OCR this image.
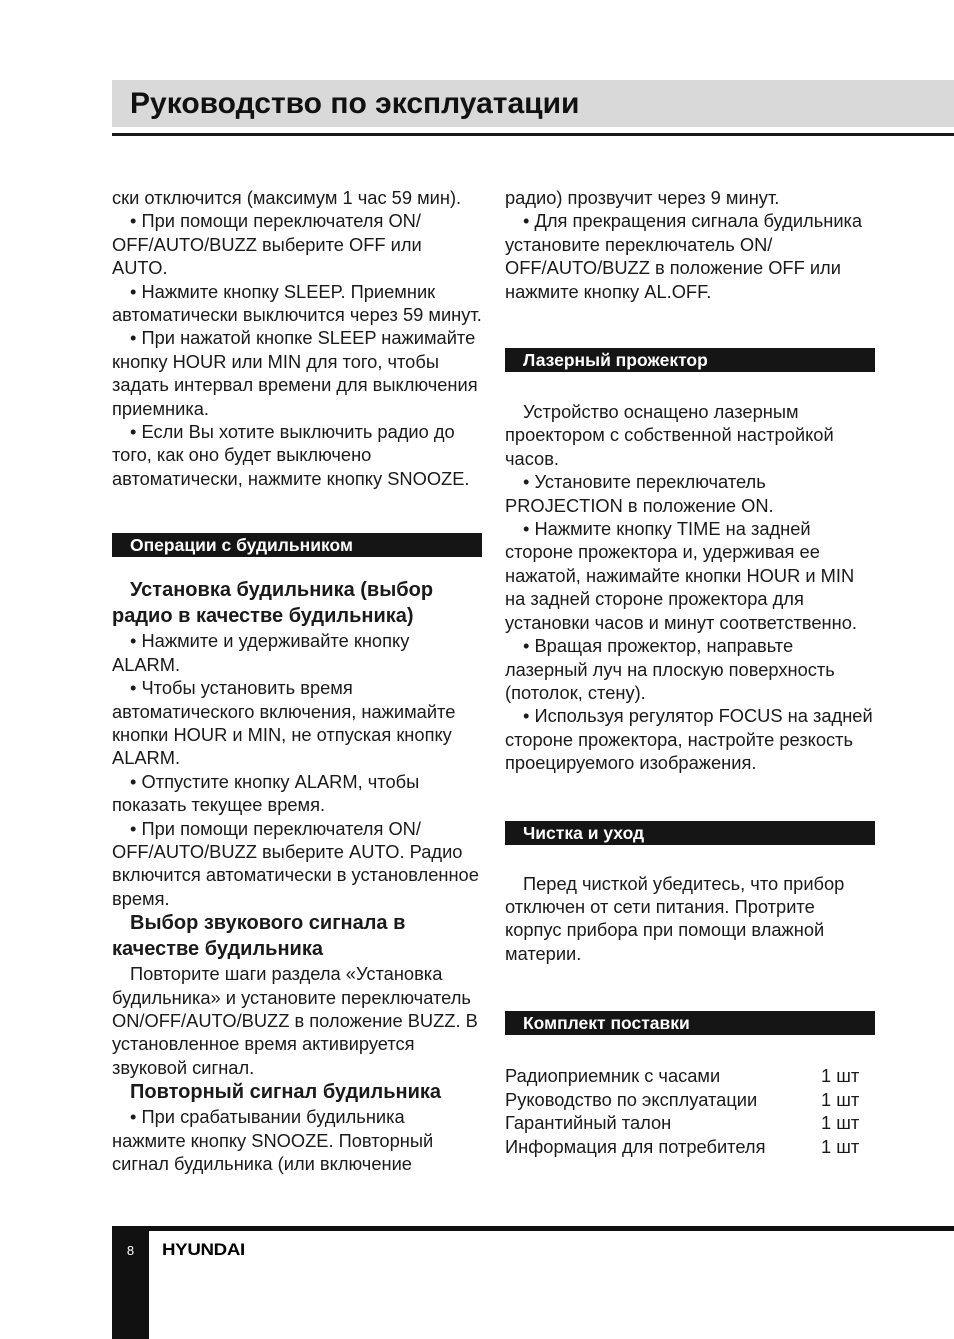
Руководство по эксплуатации

ски отключится (максимум 1 час 59 мин).

• При помощи переключателя ON/ OFF/AUTO/BUZZ выберите OFF или AUTO.

• Нажмите кнопку SLEEP. Приемник автоматически выключится через 59 минут.

• При нажатой кнопке SLEEP нажимайте кнопку HOUR или MIN для того, чтобы задать интервал времени для выключения приемника.

• Если Вы хотите выключить радио до того, как оно будет выключено автоматически, нажмите кнопку SNOOZE.

Операции с будильником

Установка будильника (выбор радио в качестве будильника)

• Нажмите и удерживайте кнопку ALARM.

• Чтобы установить время автоматического включения, нажимайте кнопки HOUR и MIN, не отпуская кнопку ALARM.

• Отпустите кнопку ALARM, чтобы показать текущее время.

• При помощи переключателя ON/ OFF/AUTO/BUZZ выберите AUTO. Радио включится автоматически в установленное время.

Выбор звукового сигнала в качестве будильника

Повторите шаги раздела «Установка будильника» и установите переключатель ON/OFF/AUTO/BUZZ в положение BUZZ. В установленное время активируется звуковой сигнал.

Повторный сигнал будильника

• При срабатывании будильника нажмите кнопку SNOOZE. Повторный сигнал будильника (или включение

радио) прозвучит через 9 минут.

• Для прекращения сигнала будильника установите переключатель ON/ OFF/AUTO/BUZZ в положение OFF или нажмите кнопку AL.OFF.

Лазерный прожектор

Устройство оснащено лазерным проектором с собственной настройкой часов.

• Установите переключатель PROJECTION в положение ON.

• Нажмите кнопку TIME на задней стороне прожектора и, удерживая ее нажатой, нажимайте кнопки HOUR и MIN на задней стороне прожектора для установки часов и минут соответственно.

• Вращая прожектор, направьте лазерный луч на плоскую поверхность (потолок, стену).

• Используя регулятор FOCUS на задней стороне прожектора, настройте резкость проецируемого изображения.

Чистка и уход

Перед чисткой убедитесь, что прибор отключен от сети питания. Протрите корпус прибора при помощи влажной материи.

Комплект поставки
Радиоприемник с часами	1 шт
Руководство по эксплуатации	1 шт
Гарантийный талон	1 шт
Информация для потребителя	1 шт
8	HYUNDAI
